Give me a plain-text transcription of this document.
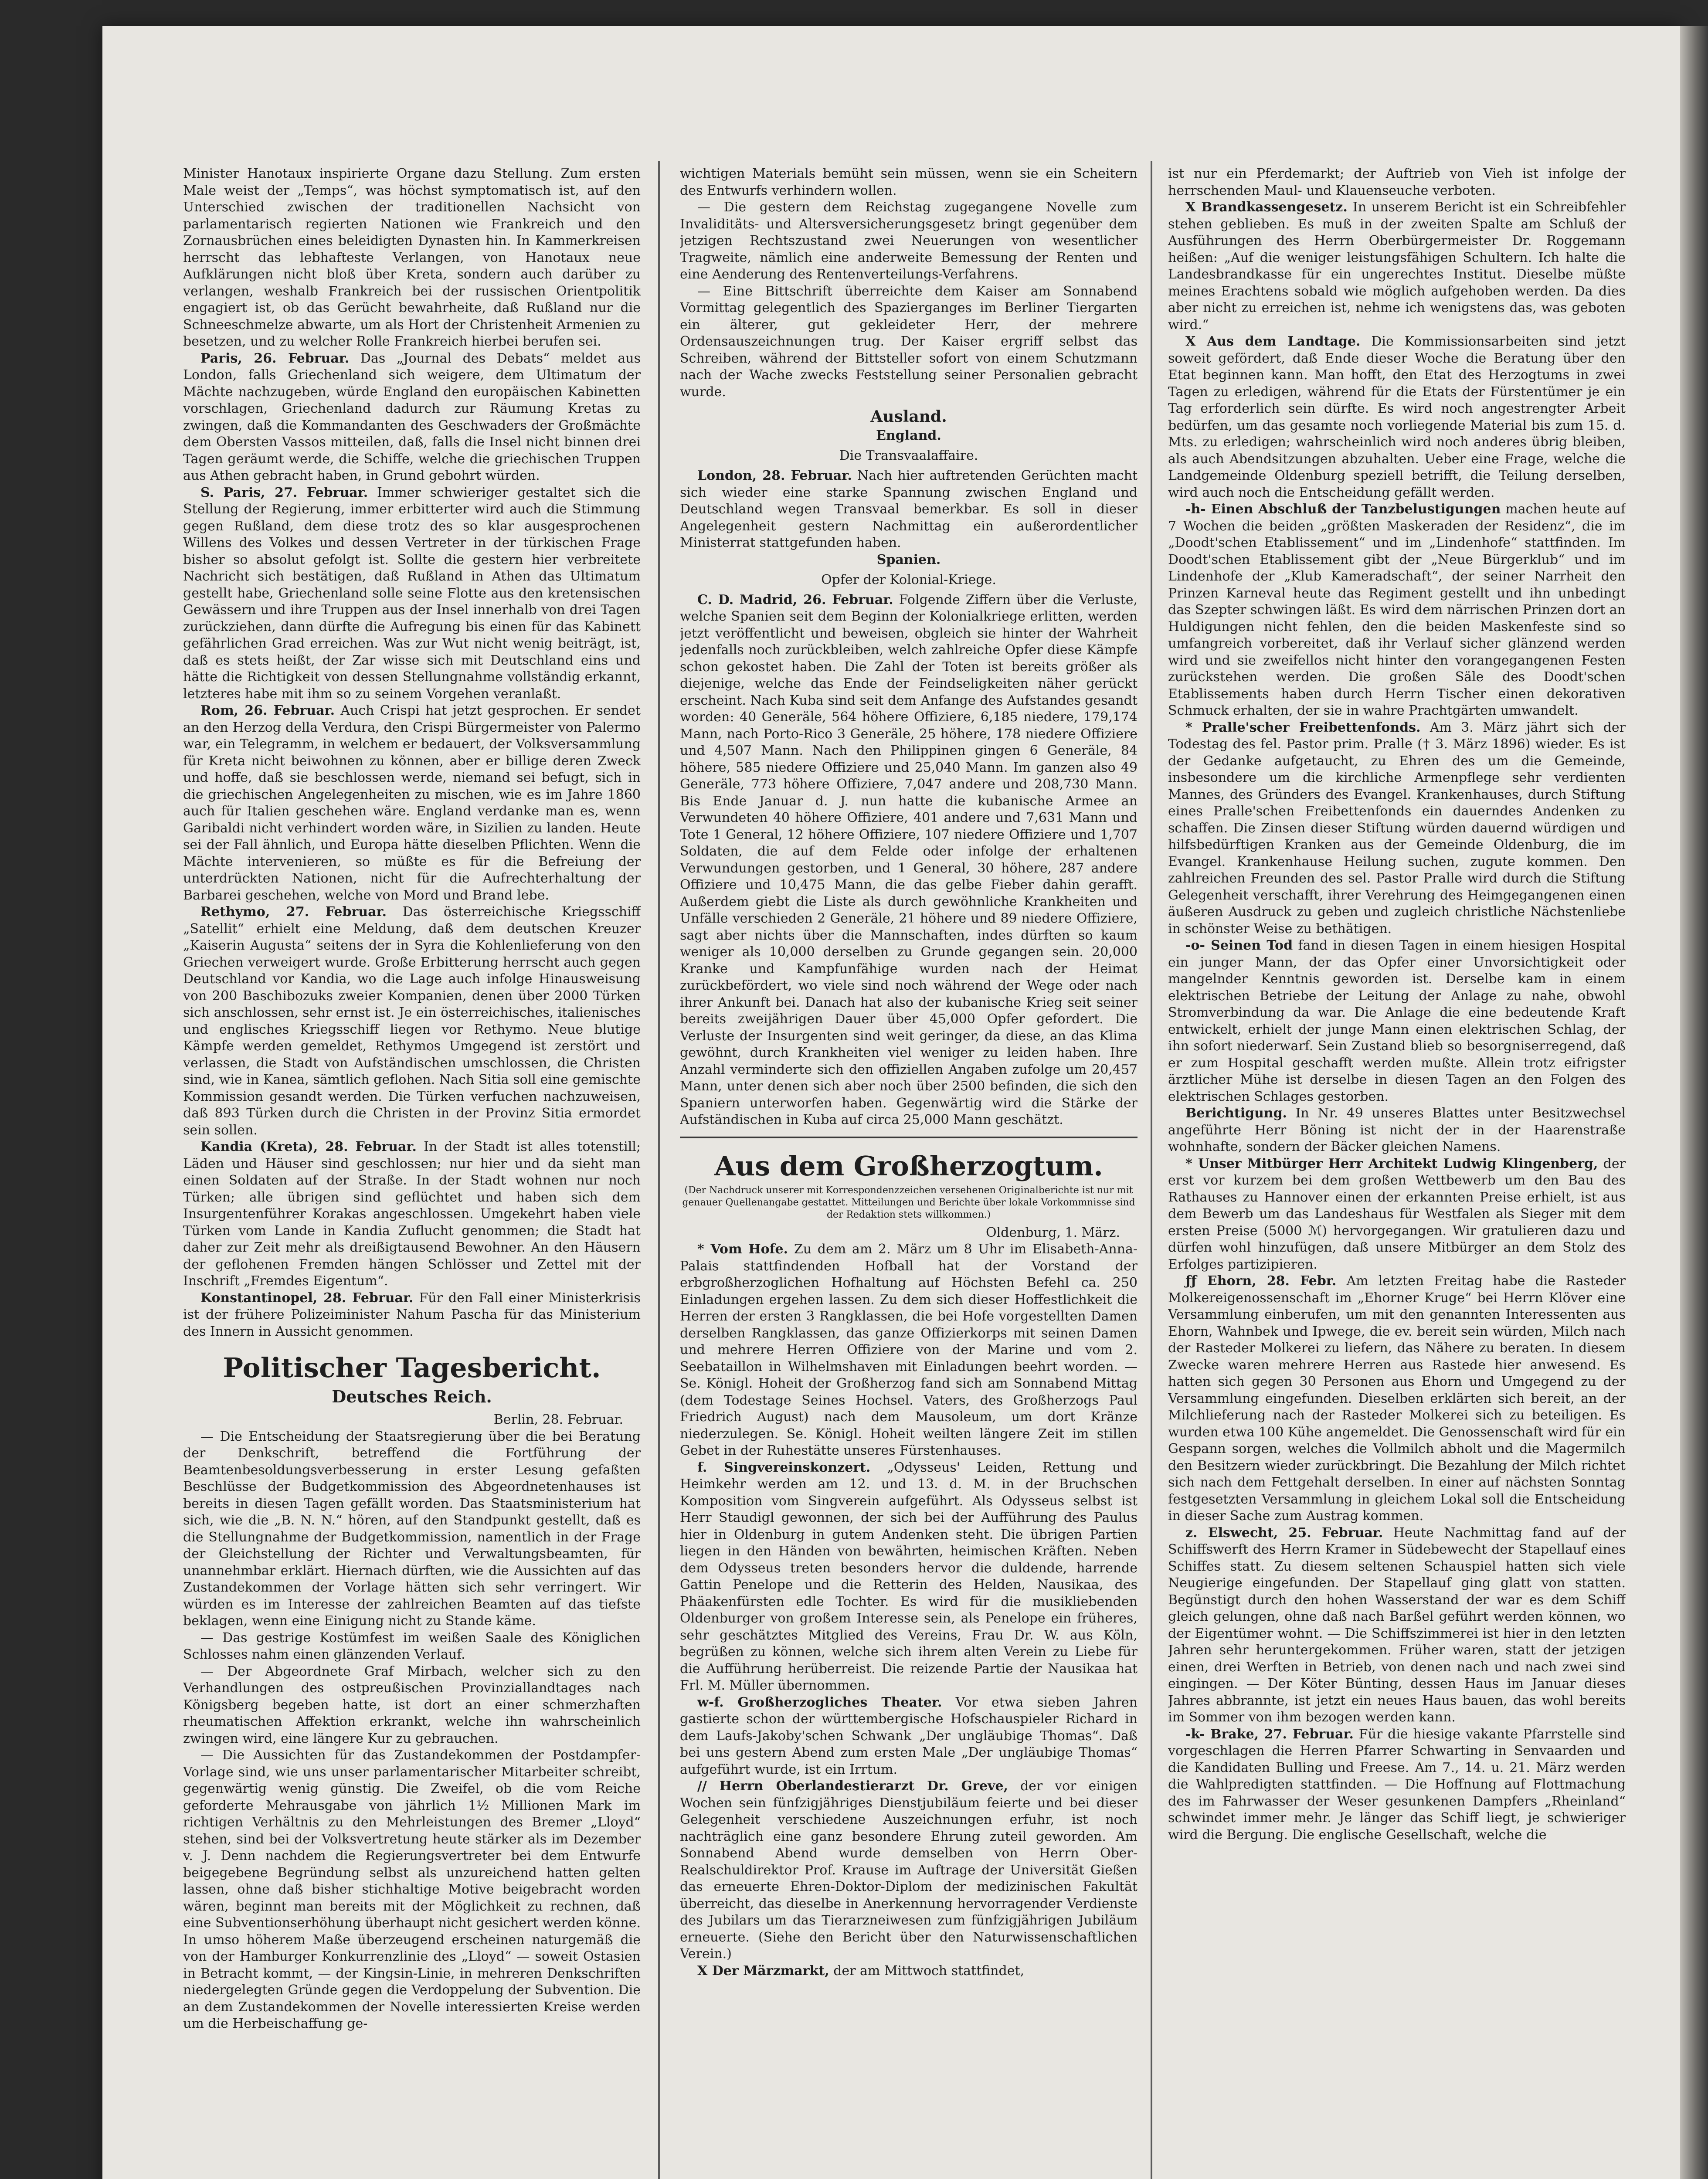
Minister Hanotaux inspirierte Organe dazu Stellung. Zum ersten Male weist der „Temps“, was höchst symptomatisch ist, auf den Unterschied zwischen der traditionellen Nachsicht von parlamentarisch regierten Nationen wie Frankreich und den Zornausbrüchen eines beleidigten Dynasten hin. In Kammerkreisen herrscht das lebhafteste Verlangen, von Hanotaux neue Aufklärungen nicht bloß über Kreta, sondern auch darüber zu verlangen, weshalb Frankreich bei der russischen Orientpolitik engagiert ist, ob das Gerücht bewahrheite, daß Rußland nur die Schneeschmelze abwarte, um als Hort der Christenheit Armenien zu besetzen, und zu welcher Rolle Frankreich hierbei berufen sei.

Paris, 26. Februar. Das „Journal des Debats“ meldet aus London, falls Griechenland sich weigere, dem Ultimatum der Mächte nachzugeben, würde England den europäischen Kabinetten vorschlagen, Griechenland dadurch zur Räumung Kretas zu zwingen, daß die Kommandanten des Geschwaders der Großmächte dem Obersten Vassos mitteilen, daß, falls die Insel nicht binnen drei Tagen geräumt werde, die Schiffe, welche die griechischen Truppen aus Athen gebracht haben, in Grund gebohrt würden.

S. Paris, 27. Februar. Immer schwieriger gestaltet sich die Stellung der Regierung, immer erbitterter wird auch die Stimmung gegen Rußland, dem diese trotz des so klar ausgesprochenen Willens des Volkes und dessen Vertreter in der türkischen Frage bisher so absolut gefolgt ist. Sollte die gestern hier verbreitete Nachricht sich bestätigen, daß Rußland in Athen das Ultimatum gestellt habe, Griechenland solle seine Flotte aus den kretensischen Gewässern und ihre Truppen aus der Insel innerhalb von drei Tagen zurückziehen, dann dürfte die Aufregung bis einen für das Kabinett gefährlichen Grad erreichen. Was zur Wut nicht wenig beiträgt, ist, daß es stets heißt, der Zar wisse sich mit Deutschland eins und hätte die Richtigkeit von dessen Stellungnahme vollständig erkannt, letzteres habe mit ihm so zu seinem Vorgehen veranlaßt.

Rom, 26. Februar. Auch Crispi hat jetzt gesprochen. Er sendet an den Herzog della Verdura, den Crispi Bürgermeister von Palermo war, ein Telegramm, in welchem er bedauert, der Volksversammlung für Kreta nicht beiwohnen zu können, aber er billige deren Zweck und hoffe, daß sie beschlossen werde, niemand sei befugt, sich in die griechischen Angelegenheiten zu mischen, wie es im Jahre 1860 auch für Italien geschehen wäre. England verdanke man es, wenn Garibaldi nicht verhindert worden wäre, in Sizilien zu landen. Heute sei der Fall ähnlich, und Europa hätte dieselben Pflichten. Wenn die Mächte intervenieren, so müßte es für die Befreiung der unterdrückten Nationen, nicht für die Aufrechterhaltung der Barbarei geschehen, welche von Mord und Brand lebe.

Rethymo, 27. Februar. Das österreichische Kriegsschiff „Satellit“ erhielt eine Meldung, daß dem deutschen Kreuzer „Kaiserin Augusta“ seitens der in Syra die Kohlenlieferung von den Griechen verweigert wurde. Große Erbitterung herrscht auch gegen Deutschland vor Kandia, wo die Lage auch infolge Hinausweisung von 200 Baschibozuks zweier Kompanien, denen über 2000 Türken sich anschlossen, sehr ernst ist. Je ein österreichisches, italienisches und englisches Kriegsschiff liegen vor Rethymo. Neue blutige Kämpfe werden gemeldet, Rethymos Umgegend ist zerstört und verlassen, die Stadt von Aufständischen umschlossen, die Christen sind, wie in Kanea, sämtlich geflohen. Nach Sitia soll eine gemischte Kommission gesandt werden. Die Türken verfuchen nachzuweisen, daß 893 Türken durch die Christen in der Provinz Sitia ermordet sein sollen.

Kandia (Kreta), 28. Februar. In der Stadt ist alles totenstill; Läden und Häuser sind geschlossen; nur hier und da sieht man einen Soldaten auf der Straße. In der Stadt wohnen nur noch Türken; alle übrigen sind geflüchtet und haben sich dem Insurgentenführer Korakas angeschlossen. Umgekehrt haben viele Türken vom Lande in Kandia Zuflucht genommen; die Stadt hat daher zur Zeit mehr als dreißigtausend Bewohner. An den Häusern der geflohenen Fremden hängen Schlösser und Zettel mit der Inschrift „Fremdes Eigentum“.

Konstantinopel, 28. Februar. Für den Fall einer Ministerkrisis ist der frühere Polizeiminister Nahum Pascha für das Ministerium des Innern in Aussicht genommen.

Politischer Tagesbericht.
Deutsches Reich.

Berlin, 28. Februar.

— Die Entscheidung der Staatsregierung über die bei Beratung der Denkschrift, betreffend die Fortführung der Beamtenbesoldungsverbesserung in erster Lesung gefaßten Beschlüsse der Budgetkommission des Abgeordnetenhauses ist bereits in diesen Tagen gefällt worden. Das Staatsministerium hat sich, wie die „B. N. N.“ hören, auf den Standpunkt gestellt, daß es die Stellungnahme der Budgetkommission, namentlich in der Frage der Gleichstellung der Richter und Verwaltungsbeamten, für unannehmbar erklärt. Hiernach dürften, wie die Aussichten auf das Zustandekommen der Vorlage hätten sich sehr verringert. Wir würden es im Interesse der zahlreichen Beamten auf das tiefste beklagen, wenn eine Einigung nicht zu Stande käme.

— Das gestrige Kostümfest im weißen Saale des Königlichen Schlosses nahm einen glänzenden Verlauf.

— Der Abgeordnete Graf Mirbach, welcher sich zu den Verhandlungen des ostpreußischen Provinziallandtages nach Königsberg begeben hatte, ist dort an einer schmerzhaften rheumatischen Affektion erkrankt, welche ihn wahrscheinlich zwingen wird, eine längere Kur zu gebrauchen.

— Die Aussichten für das Zustandekommen der Postdampfer-Vorlage sind, wie uns unser parlamentarischer Mitarbeiter schreibt, gegenwärtig wenig günstig. Die Zweifel, ob die vom Reiche geforderte Mehrausgabe von jährlich 1½ Millionen Mark im richtigen Verhältnis zu den Mehrleistungen des Bremer „Lloyd“ stehen, sind bei der Volksvertretung heute stärker als im Dezember v. J. Denn nachdem die Regierungsvertreter bei dem Entwurfe beigegebene Begründung selbst als unzureichend hatten gelten lassen, ohne daß bisher stichhaltige Motive beigebracht worden wären, beginnt man bereits mit der Möglichkeit zu rechnen, daß eine Subventionserhöhung überhaupt nicht gesichert werden könne. In umso höherem Maße überzeugend erscheinen naturgemäß die von der Hamburger Konkurrenzlinie des „Lloyd“ — soweit Ostasien in Betracht kommt, — der Kingsin-Linie, in mehreren Denkschriften niedergelegten Gründe gegen die Verdoppelung der Subvention. Die an dem Zustandekommen der Novelle interessierten Kreise werden um die Herbeischaffung ge-

wichtigen Materials bemüht sein müssen, wenn sie ein Scheitern des Entwurfs verhindern wollen.

— Die gestern dem Reichstag zugegangene Novelle zum Invaliditäts- und Altersversicherungsgesetz bringt gegenüber dem jetzigen Rechtszustand zwei Neuerungen von wesentlicher Tragweite, nämlich eine anderweite Bemessung der Renten und eine Aenderung des Rentenverteilungs-Verfahrens.

— Eine Bittschrift überreichte dem Kaiser am Sonnabend Vormittag gelegentlich des Spazierganges im Berliner Tiergarten ein älterer, gut gekleideter Herr, der mehrere Ordensauszeichnungen trug. Der Kaiser ergriff selbst das Schreiben, während der Bittsteller sofort von einem Schutzmann nach der Wache zwecks Feststellung seiner Personalien gebracht wurde.

Ausland.
England.
Die Transvaalaffaire.

London, 28. Februar. Nach hier auftretenden Gerüchten macht sich wieder eine starke Spannung zwischen England und Deutschland wegen Transvaal bemerkbar. Es soll in dieser Angelegenheit gestern Nachmittag ein außerordentlicher Ministerrat stattgefunden haben.

Spanien.
Opfer der Kolonial-Kriege.

C. D. Madrid, 26. Februar. Folgende Ziffern über die Verluste, welche Spanien seit dem Beginn der Kolonialkriege erlitten, werden jetzt veröffentlicht und beweisen, obgleich sie hinter der Wahrheit jedenfalls noch zurückbleiben, welch zahlreiche Opfer diese Kämpfe schon gekostet haben. Die Zahl der Toten ist bereits größer als diejenige, welche das Ende der Feindseligkeiten näher gerückt erscheint. Nach Kuba sind seit dem Anfange des Aufstandes gesandt worden: 40 Generäle, 564 höhere Offiziere, 6,185 niedere, 179,174 Mann, nach Porto-Rico 3 Generäle, 25 höhere, 178 niedere Offiziere und 4,507 Mann. Nach den Philippinen gingen 6 Generäle, 84 höhere, 585 niedere Offiziere und 25,040 Mann. Im ganzen also 49 Generäle, 773 höhere Offiziere, 7,047 andere und 208,730 Mann. Bis Ende Januar d. J. nun hatte die kubanische Armee an Verwundeten 40 höhere Offiziere, 401 andere und 7,631 Mann und Tote 1 General, 12 höhere Offiziere, 107 niedere Offiziere und 1,707 Soldaten, die auf dem Felde oder infolge der erhaltenen Verwundungen gestorben, und 1 General, 30 höhere, 287 andere Offiziere und 10,475 Mann, die das gelbe Fieber dahin gerafft. Außerdem giebt die Liste als durch gewöhnliche Krankheiten und Unfälle verschieden 2 Generäle, 21 höhere und 89 niedere Offiziere, sagt aber nichts über die Mannschaften, indes dürften so kaum weniger als 10,000 derselben zu Grunde gegangen sein. 20,000 Kranke und Kampfunfähige wurden nach der Heimat zurückbefördert, wo viele sind noch während der Wege oder nach ihrer Ankunft bei. Danach hat also der kubanische Krieg seit seiner bereits zweijährigen Dauer über 45,000 Opfer gefordert. Die Verluste der Insurgenten sind weit geringer, da diese, an das Klima gewöhnt, durch Krankheiten viel weniger zu leiden haben. Ihre Anzahl verminderte sich den offiziellen Angaben zufolge um 20,457 Mann, unter denen sich aber noch über 2500 befinden, die sich den Spaniern unterworfen haben. Gegenwärtig wird die Stärke der Aufständischen in Kuba auf circa 25,000 Mann geschätzt.

Aus dem Großherzogtum.
(Der Nachdruck unserer mit Korrespondenzzeichen versehenen Originalberichte ist nur mit genauer Quellenangabe gestattet. Mitteilungen und Berichte über lokale Vorkommnisse sind der Redaktion stets willkommen.)

Oldenburg, 1. März.

* Vom Hofe. Zu dem am 2. März um 8 Uhr im Elisabeth-Anna-Palais stattfindenden Hofball hat der Vorstand der erbgroßherzoglichen Hofhaltung auf Höchsten Befehl ca. 250 Einladungen ergehen lassen. Zu dem sich dieser Hoffestlichkeit die Herren der ersten 3 Rangklassen, die bei Hofe vorgestellten Damen derselben Rangklassen, das ganze Offizierkorps mit seinen Damen und mehrere Herren Offiziere von der Marine und vom 2. Seebataillon in Wilhelmshaven mit Einladungen beehrt worden. — Se. Königl. Hoheit der Großherzog fand sich am Sonnabend Mittag (dem Todestage Seines Hochsel. Vaters, des Großherzogs Paul Friedrich August) nach dem Mausoleum, um dort Kränze niederzulegen. Se. Königl. Hoheit weilten längere Zeit im stillen Gebet in der Ruhestätte unseres Fürstenhauses.

f. Singvereinskonzert. „Odysseus' Leiden, Rettung und Heimkehr werden am 12. und 13. d. M. in der Bruchschen Komposition vom Singverein aufgeführt. Als Odysseus selbst ist Herr Staudigl gewonnen, der sich bei der Aufführung des Paulus hier in Oldenburg in gutem Andenken steht. Die übrigen Partien liegen in den Händen von bewährten, heimischen Kräften. Neben dem Odysseus treten besonders hervor die duldende, harrende Gattin Penelope und die Retterin des Helden, Nausikaa, des Phäakenfürsten edle Tochter. Es wird für die musikliebenden Oldenburger von großem Interesse sein, als Penelope ein früheres, sehr geschätztes Mitglied des Vereins, Frau Dr. W. aus Köln, begrüßen zu können, welche sich ihrem alten Verein zu Liebe für die Aufführung herüberreist. Die reizende Partie der Nausikaa hat Frl. M. Müller übernommen.

w-f. Großherzogliches Theater. Vor etwa sieben Jahren gastierte schon der württembergische Hofschauspieler Richard in dem Laufs-Jakoby'schen Schwank „Der ungläubige Thomas“. Daß bei uns gestern Abend zum ersten Male „Der ungläubige Thomas“ aufgeführt wurde, ist ein Irrtum.

// Herrn Oberlandestierarzt Dr. Greve, der vor einigen Wochen sein fünfzigjähriges Dienstjubiläum feierte und bei dieser Gelegenheit verschiedene Auszeichnungen erfuhr, ist noch nachträglich eine ganz besondere Ehrung zuteil geworden. Am Sonnabend Abend wurde demselben von Herrn Ober-Realschuldirektor Prof. Krause im Auftrage der Universität Gießen das erneuerte Ehren-Doktor-Diplom der medizinischen Fakultät überreicht, das dieselbe in Anerkennung hervorragender Verdienste des Jubilars um das Tierarzneiwesen zum fünfzigjährigen Jubiläum erneuerte. (Siehe den Bericht über den Naturwissenschaftlichen Verein.)

X Der Märzmarkt, der am Mittwoch stattfindet,

ist nur ein Pferdemarkt; der Auftrieb von Vieh ist infolge der herrschenden Maul- und Klauenseuche verboten.

X Brandkassengesetz. In unserem Bericht ist ein Schreibfehler stehen geblieben. Es muß in der zweiten Spalte am Schluß der Ausführungen des Herrn Oberbürgermeister Dr. Roggemann heißen: „Auf die weniger leistungsfähigen Schultern. Ich halte die Landesbrandkasse für ein ungerechtes Institut. Dieselbe müßte meines Erachtens sobald wie möglich aufgehoben werden. Da dies aber nicht zu erreichen ist, nehme ich wenigstens das, was geboten wird.“

X Aus dem Landtage. Die Kommissionsarbeiten sind jetzt soweit gefördert, daß Ende dieser Woche die Beratung über den Etat beginnen kann. Man hofft, den Etat des Herzogtums in zwei Tagen zu erledigen, während für die Etats der Fürstentümer je ein Tag erforderlich sein dürfte. Es wird noch angestrengter Arbeit bedürfen, um das gesamte noch vorliegende Material bis zum 15. d. Mts. zu erledigen; wahrscheinlich wird noch anderes übrig bleiben, als auch Abendsitzungen abzuhalten. Ueber eine Frage, welche die Landgemeinde Oldenburg speziell betrifft, die Teilung derselben, wird auch noch die Entscheidung gefällt werden.

-h- Einen Abschluß der Tanzbelustigungen machen heute auf 7 Wochen die beiden „größten Maskeraden der Residenz“, die im „Doodt'schen Etablissement“ und im „Lindenhofe“ stattfinden. Im Doodt'schen Etablissement gibt der „Neue Bürgerklub“ und im Lindenhofe der „Klub Kameradschaft“, der seiner Narrheit den Prinzen Karneval heute das Regiment gestellt und ihn unbedingt das Szepter schwingen läßt. Es wird dem närrischen Prinzen dort an Huldigungen nicht fehlen, den die beiden Maskenfeste sind so umfangreich vorbereitet, daß ihr Verlauf sicher glänzend werden wird und sie zweifellos nicht hinter den vorangegangenen Festen zurückstehen werden. Die großen Säle des Doodt'schen Etablissements haben durch Herrn Tischer einen dekorativen Schmuck erhalten, der sie in wahre Prachtgärten umwandelt.

* Pralle'scher Freibettenfonds. Am 3. März jährt sich der Todestag des fel. Pastor prim. Pralle († 3. März 1896) wieder. Es ist der Gedanke aufgetaucht, zu Ehren des um die Gemeinde, insbesondere um die kirchliche Armenpflege sehr verdienten Mannes, des Gründers des Evangel. Krankenhauses, durch Stiftung eines Pralle'schen Freibettenfonds ein dauerndes Andenken zu schaffen. Die Zinsen dieser Stiftung würden dauernd würdigen und hilfsbedürftigen Kranken aus der Gemeinde Oldenburg, die im Evangel. Krankenhause Heilung suchen, zugute kommen. Den zahlreichen Freunden des sel. Pastor Pralle wird durch die Stiftung Gelegenheit verschafft, ihrer Verehrung des Heimgegangenen einen äußeren Ausdruck zu geben und zugleich christliche Nächstenliebe in schönster Weise zu bethätigen.

-o- Seinen Tod fand in diesen Tagen in einem hiesigen Hospital ein junger Mann, der das Opfer einer Unvorsichtigkeit oder mangelnder Kenntnis geworden ist. Derselbe kam in einem elektrischen Betriebe der Leitung der Anlage zu nahe, obwohl Stromverbindung da war. Die Anlage die eine bedeutende Kraft entwickelt, erhielt der junge Mann einen elektrischen Schlag, der ihn sofort niederwarf. Sein Zustand blieb so besorgniserregend, daß er zum Hospital geschafft werden mußte. Allein trotz eifrigster ärztlicher Mühe ist derselbe in diesen Tagen an den Folgen des elektrischen Schlages gestorben.

Berichtigung. In Nr. 49 unseres Blattes unter Besitzwechsel angeführte Herr Böning ist nicht der in der Haarenstraße wohnhafte, sondern der Bäcker gleichen Namens.

* Unser Mitbürger Herr Architekt Ludwig Klingenberg, der erst vor kurzem bei dem großen Wettbewerb um den Bau des Rathauses zu Hannover einen der erkannten Preise erhielt, ist aus dem Bewerb um das Landeshaus für Westfalen als Sieger mit dem ersten Preise (5000 ℳ) hervorgegangen. Wir gratulieren dazu und dürfen wohl hinzufügen, daß unsere Mitbürger an dem Stolz des Erfolges partizipieren.

ƒƒ Ehorn, 28. Febr. Am letzten Freitag habe die Rasteder Molkereigenossenschaft im „Ehorner Kruge“ bei Herrn Klöver eine Versammlung einberufen, um mit den genannten Interessenten aus Ehorn, Wahnbek und Ipwege, die ev. bereit sein würden, Milch nach der Rasteder Molkerei zu liefern, das Nähere zu beraten. In diesem Zwecke waren mehrere Herren aus Rastede hier anwesend. Es hatten sich gegen 30 Personen aus Ehorn und Umgegend zu der Versammlung eingefunden. Dieselben erklärten sich bereit, an der Milchlieferung nach der Rasteder Molkerei sich zu beteiligen. Es wurden etwa 100 Kühe angemeldet. Die Genossenschaft wird für ein Gespann sorgen, welches die Vollmilch abholt und die Magermilch den Besitzern wieder zurückbringt. Die Bezahlung der Milch richtet sich nach dem Fettgehalt derselben. In einer auf nächsten Sonntag festgesetzten Versammlung in gleichem Lokal soll die Entscheidung in dieser Sache zum Austrag kommen.

z. Elswecht, 25. Februar. Heute Nachmittag fand auf der Schiffswerft des Herrn Kramer in Südebewecht der Stapellauf eines Schiffes statt. Zu diesem seltenen Schauspiel hatten sich viele Neugierige eingefunden. Der Stapellauf ging glatt von statten. Begünstigt durch den hohen Wasserstand der war es dem Schiff gleich gelungen, ohne daß nach Barßel geführt werden können, wo der Eigentümer wohnt. — Die Schiffszimmerei ist hier in den letzten Jahren sehr heruntergekommen. Früher waren, statt der jetzigen einen, drei Werften in Betrieb, von denen nach und nach zwei sind eingingen. — Der Köter Bünting, dessen Haus im Januar dieses Jahres abbrannte, ist jetzt ein neues Haus bauen, das wohl bereits im Sommer von ihm bezogen werden kann.

-k- Brake, 27. Februar. Für die hiesige vakante Pfarrstelle sind vorgeschlagen die Herren Pfarrer Schwarting in Senvaarden und die Kandidaten Bulling und Freese. Am 7., 14. u. 21. März werden die Wahlpredigten stattfinden. — Die Hoffnung auf Flottmachung des im Fahrwasser der Weser gesunkenen Dampfers „Rheinland“ schwindet immer mehr. Je länger das Schiff liegt, je schwieriger wird die Bergung. Die englische Gesellschaft, welche die
